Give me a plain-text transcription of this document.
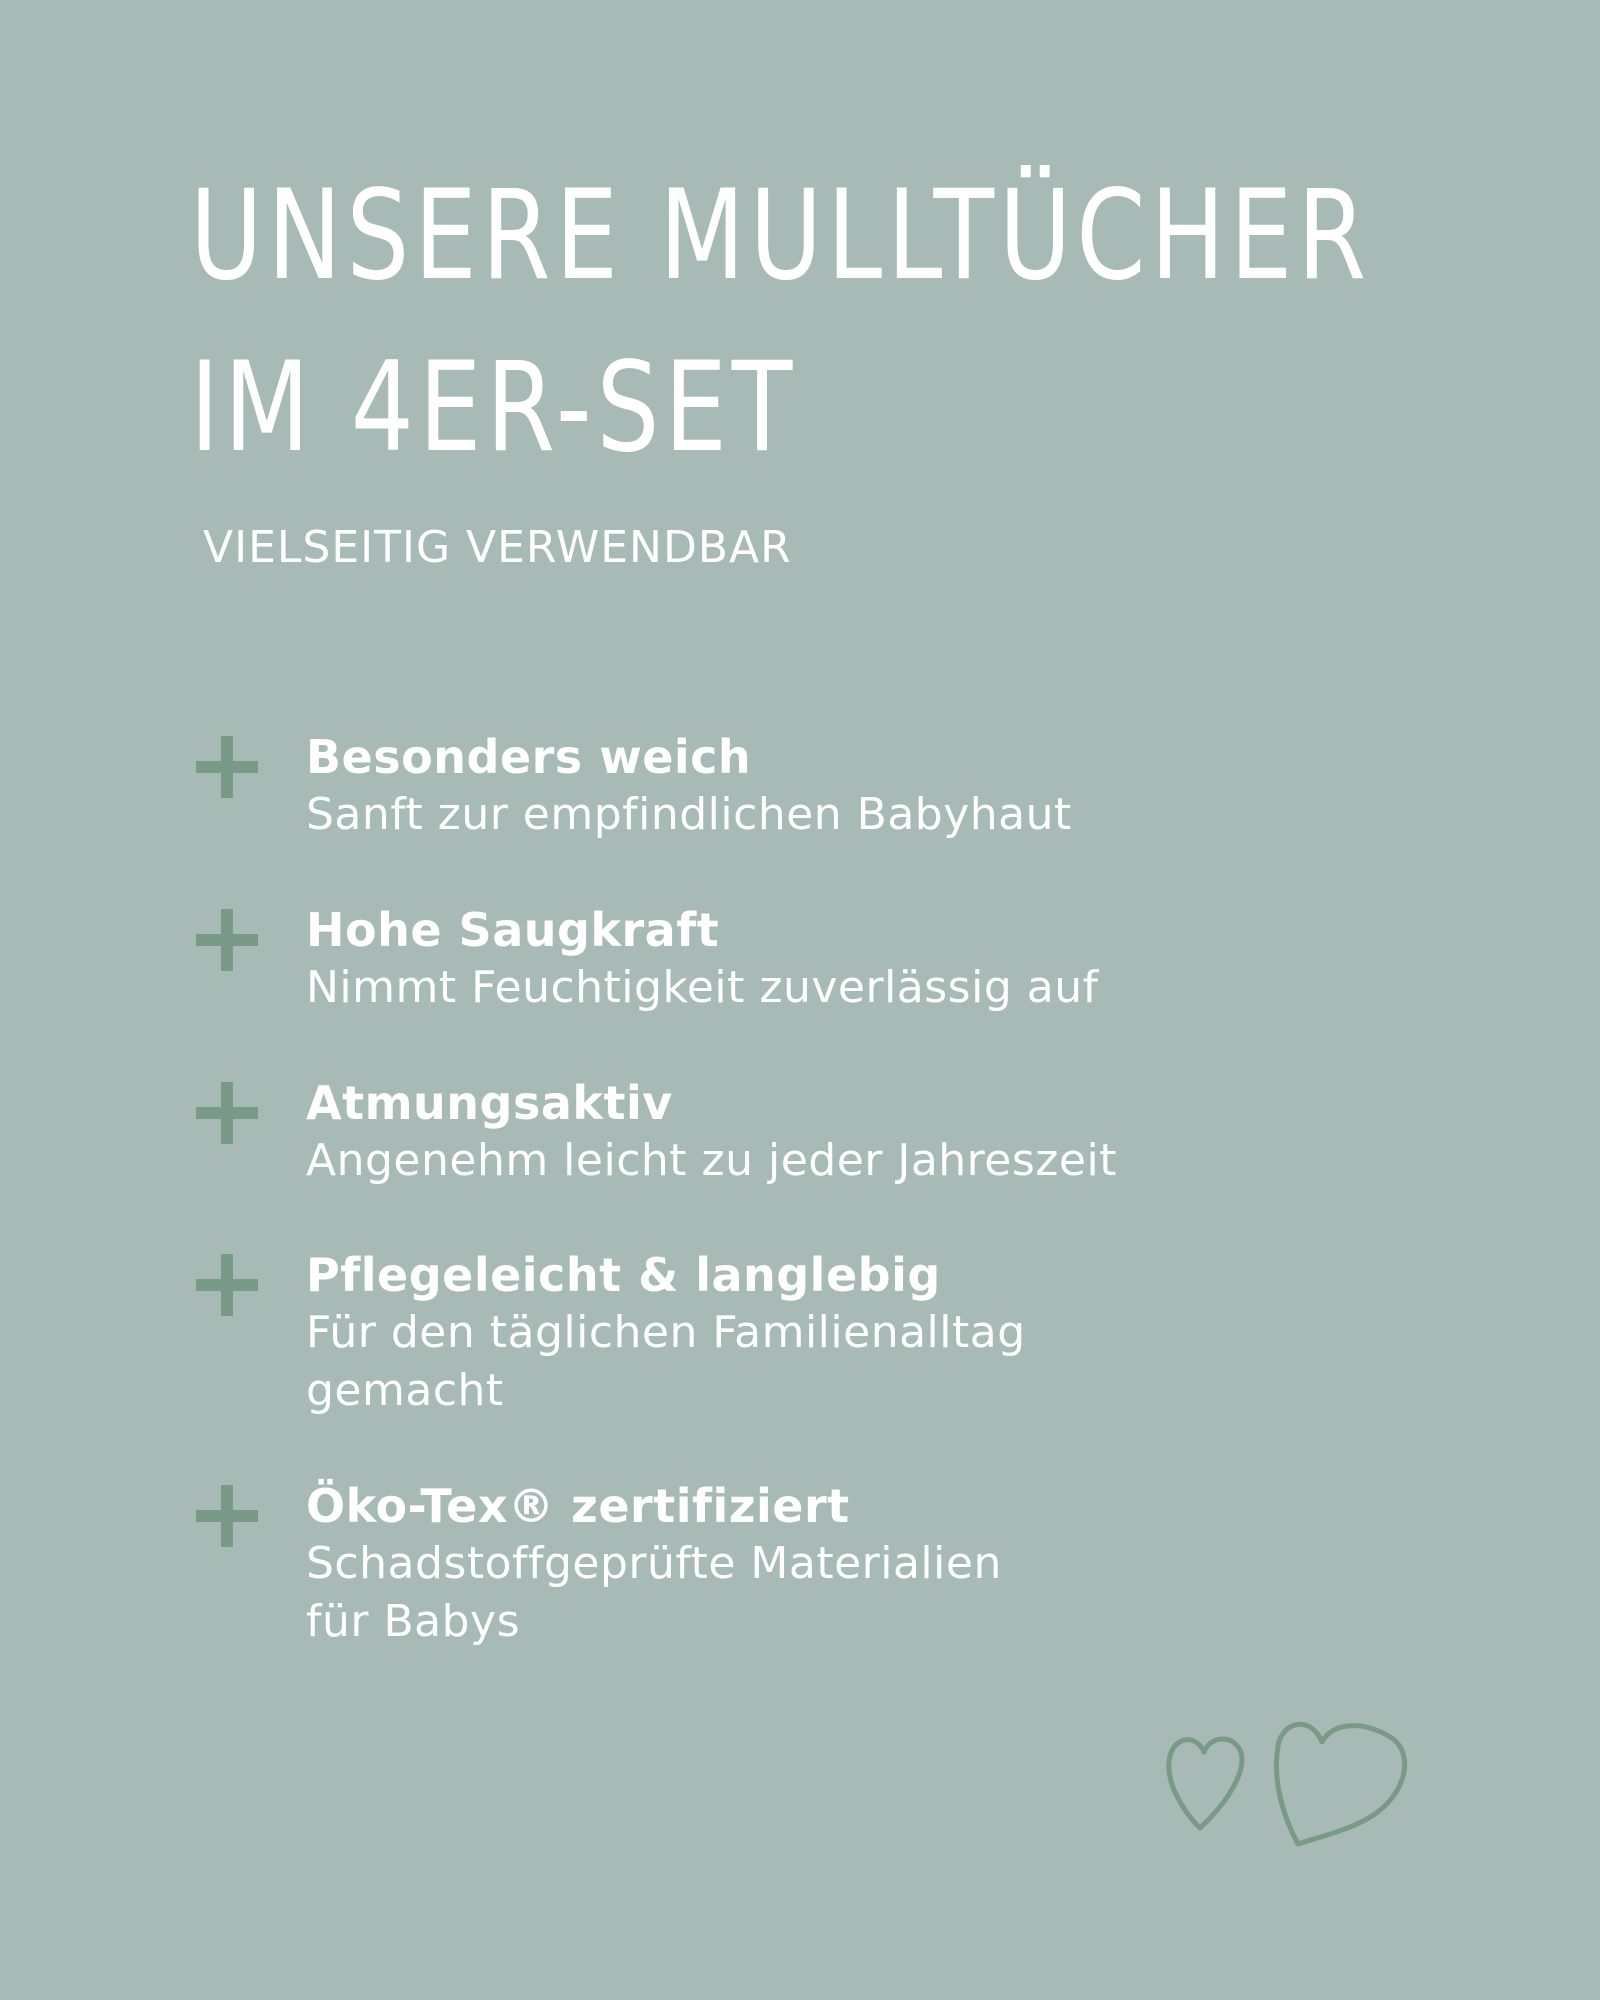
UNSERE MULLTÜCHER
IM 4ER-SET

VIELSEITIG VERWENDBAR

Besonders weich
Sanft zur empfindlichen Babyhaut
Hohe Saugkraft
Nimmt Feuchtigkeit zuverlässig auf
Atmungsaktiv
Angenehm leicht zu jeder Jahreszeit
Pflegeleicht & langlebig
Für den täglichen Familienalltag
gemacht
Öko-Tex® zertifiziert
Schadstoffgeprüfte Materialien
für Babys
